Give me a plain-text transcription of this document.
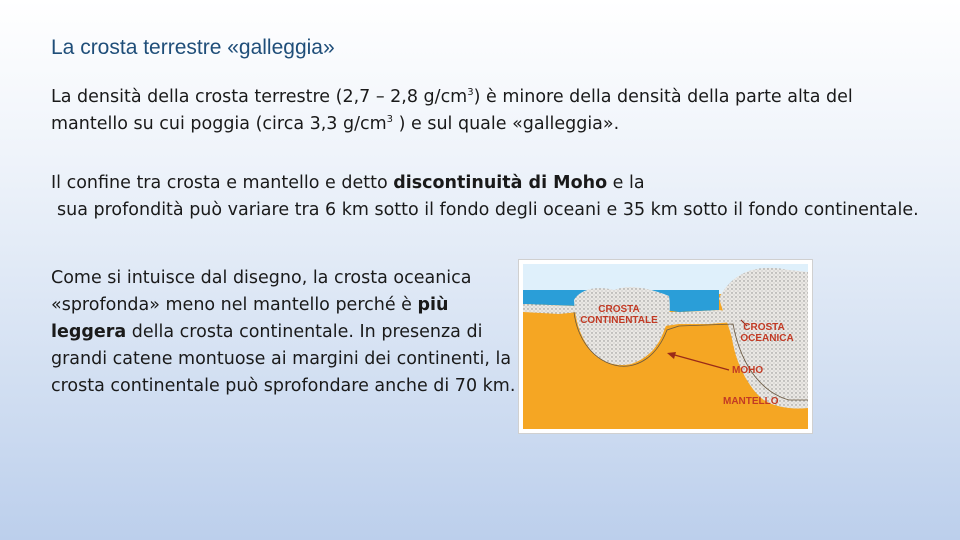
La crosta terrestre «galleggia»

La densità della crosta terrestre (2,7 – 2,8 $g/cm^3$) è minore della densità della parte alta del mantello su cui poggia (circa 3,3 $g/cm^3$ ) e sul quale «galleggia».

Il confine tra crosta e mantello e detto discontinuità di Moho e la
sua profondità può variare tra 6 km sotto il fondo degli oceani e 35 km sotto il fondo continentale.

Come si intuisce dal disegno, la crosta oceanica «sprofonda» meno nel mantello perché è più leggera della crosta continentale. In presenza di grandi catene montuose ai margini dei continenti, la crosta continentale può sprofondare anche di 70 km.

CROSTA
CONTINENTALE
CROSTA
OCEANICA
MOHO
MANTELLO
